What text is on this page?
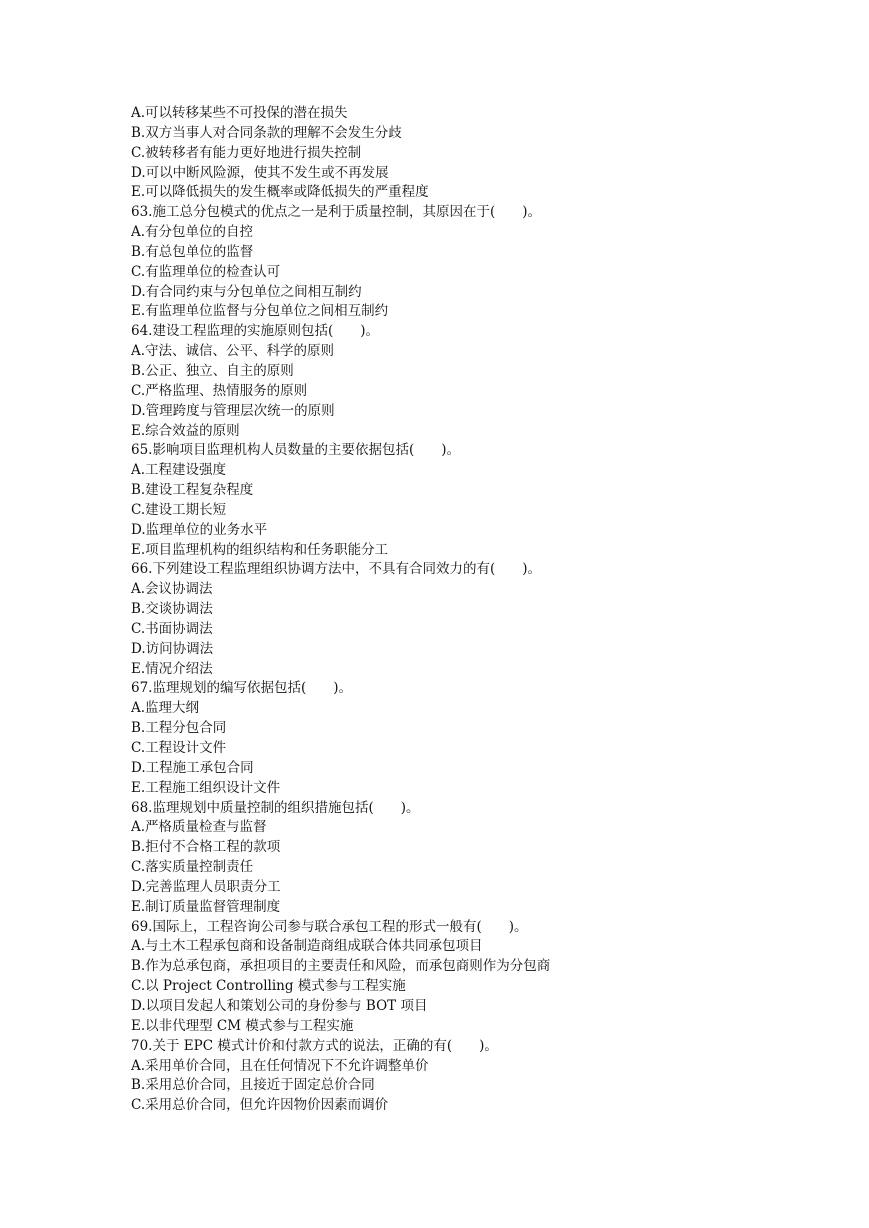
A.可以转移某些不可投保的潜在损失
B.双方当事人对合同条款的理解不会发生分歧
C.被转移者有能力更好地进行损失控制
D.可以中断风险源，使其不发生或不再发展
E.可以降低损失的发生概率或降低损失的严重程度
63.施工总分包模式的优点之一是利于质量控制，其原因在于(　　)。
A.有分包单位的自控
B.有总包单位的监督
C.有监理单位的检查认可
D.有合同约束与分包单位之间相互制约
E.有监理单位监督与分包单位之间相互制约
64.建设工程监理的实施原则包括(　　)。
A.守法、诚信、公平、科学的原则
B.公正、独立、自主的原则
C.严格监理、热情服务的原则
D.管理跨度与管理层次统一的原则
E.综合效益的原则
65.影响项目监理机构人员数量的主要依据包括(　　)。
A.工程建设强度
B.建设工程复杂程度
C.建设工期长短
D.监理单位的业务水平
E.项目监理机构的组织结构和任务职能分工
66.下列建设工程监理组织协调方法中，不具有合同效力的有(　　)。
A.会议协调法
B.交谈协调法
C.书面协调法
D.访问协调法
E.情况介绍法
67.监理规划的编写依据包括(　　)。
A.监理大纲
B.工程分包合同
C.工程设计文件
D.工程施工承包合同
E.工程施工组织设计文件
68.监理规划中质量控制的组织措施包括(　　)。
A.严格质量检查与监督
B.拒付不合格工程的款项
C.落实质量控制责任
D.完善监理人员职责分工
E.制订质量监督管理制度
69.国际上，工程咨询公司参与联合承包工程的形式一般有(　　)。
A.与土木工程承包商和设备制造商组成联合体共同承包项目
B.作为总承包商，承担项目的主要责任和风险，而承包商则作为分包商
C.以 Project Controlling 模式参与工程实施
D.以项目发起人和策划公司的身份参与 BOT 项目
E.以非代理型 CM 模式参与工程实施
70.关于 EPC 模式计价和付款方式的说法，正确的有(　　)。
A.采用单价合同，且在任何情况下不允许调整单价
B.采用总价合同，且接近于固定总价合同
C.采用总价合同，但允许因物价因素而调价
